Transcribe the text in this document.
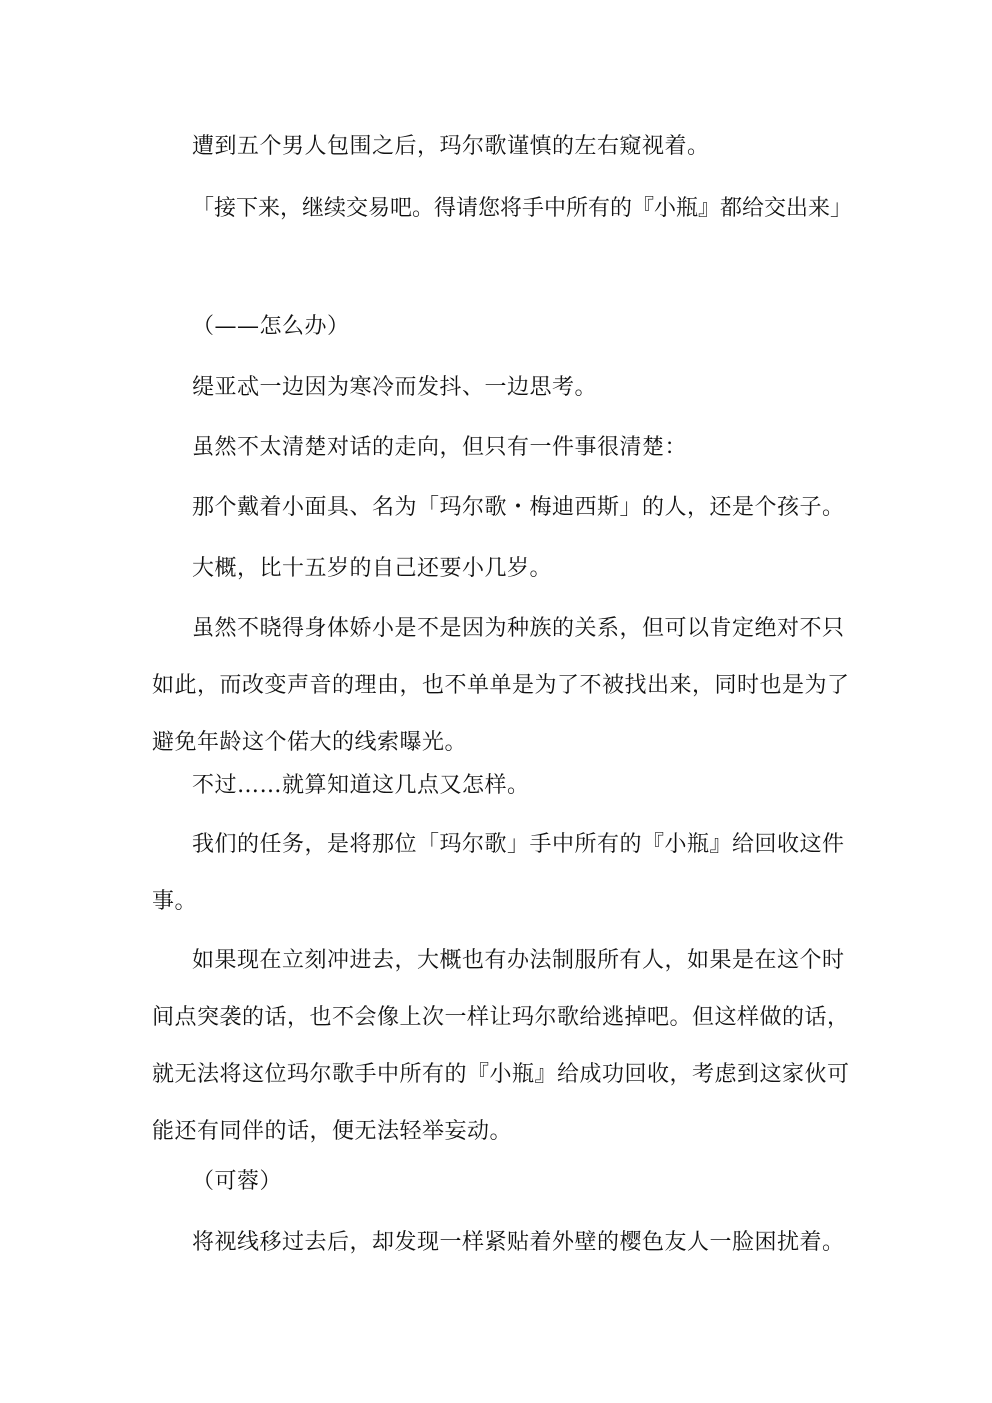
遭到五个男人包围之后，玛尔歌谨慎的左右窥视着。

「接下来，继续交易吧。得请您将手中所有的『小瓶』都给交出来」

（——怎么办）

缇亚忒一边因为寒冷而发抖、一边思考。

虽然不太清楚对话的走向，但只有一件事很清楚：

那个戴着小面具、名为「玛尔歌・梅迪西斯」的人，还是个孩子。

大概，比十五岁的自己还要小几岁。

虽然不晓得身体娇小是不是因为种族的关系，但可以肯定绝对不只如此，而改变声音的理由，也不单单是为了不被找出来，同时也是为了避免年龄这个偌大的线索曝光。

不过……就算知道这几点又怎样。

我们的任务，是将那位「玛尔歌」手中所有的『小瓶』给回收这件事。

如果现在立刻冲进去，大概也有办法制服所有人，如果是在这个时间点突袭的话，也不会像上次一样让玛尔歌给逃掉吧。但这样做的话，就无法将这位玛尔歌手中所有的『小瓶』给成功回收，考虑到这家伙可能还有同伴的话，便无法轻举妄动。

（可蓉）

将视线移过去后，却发现一样紧贴着外壁的樱色友人一脸困扰着。
